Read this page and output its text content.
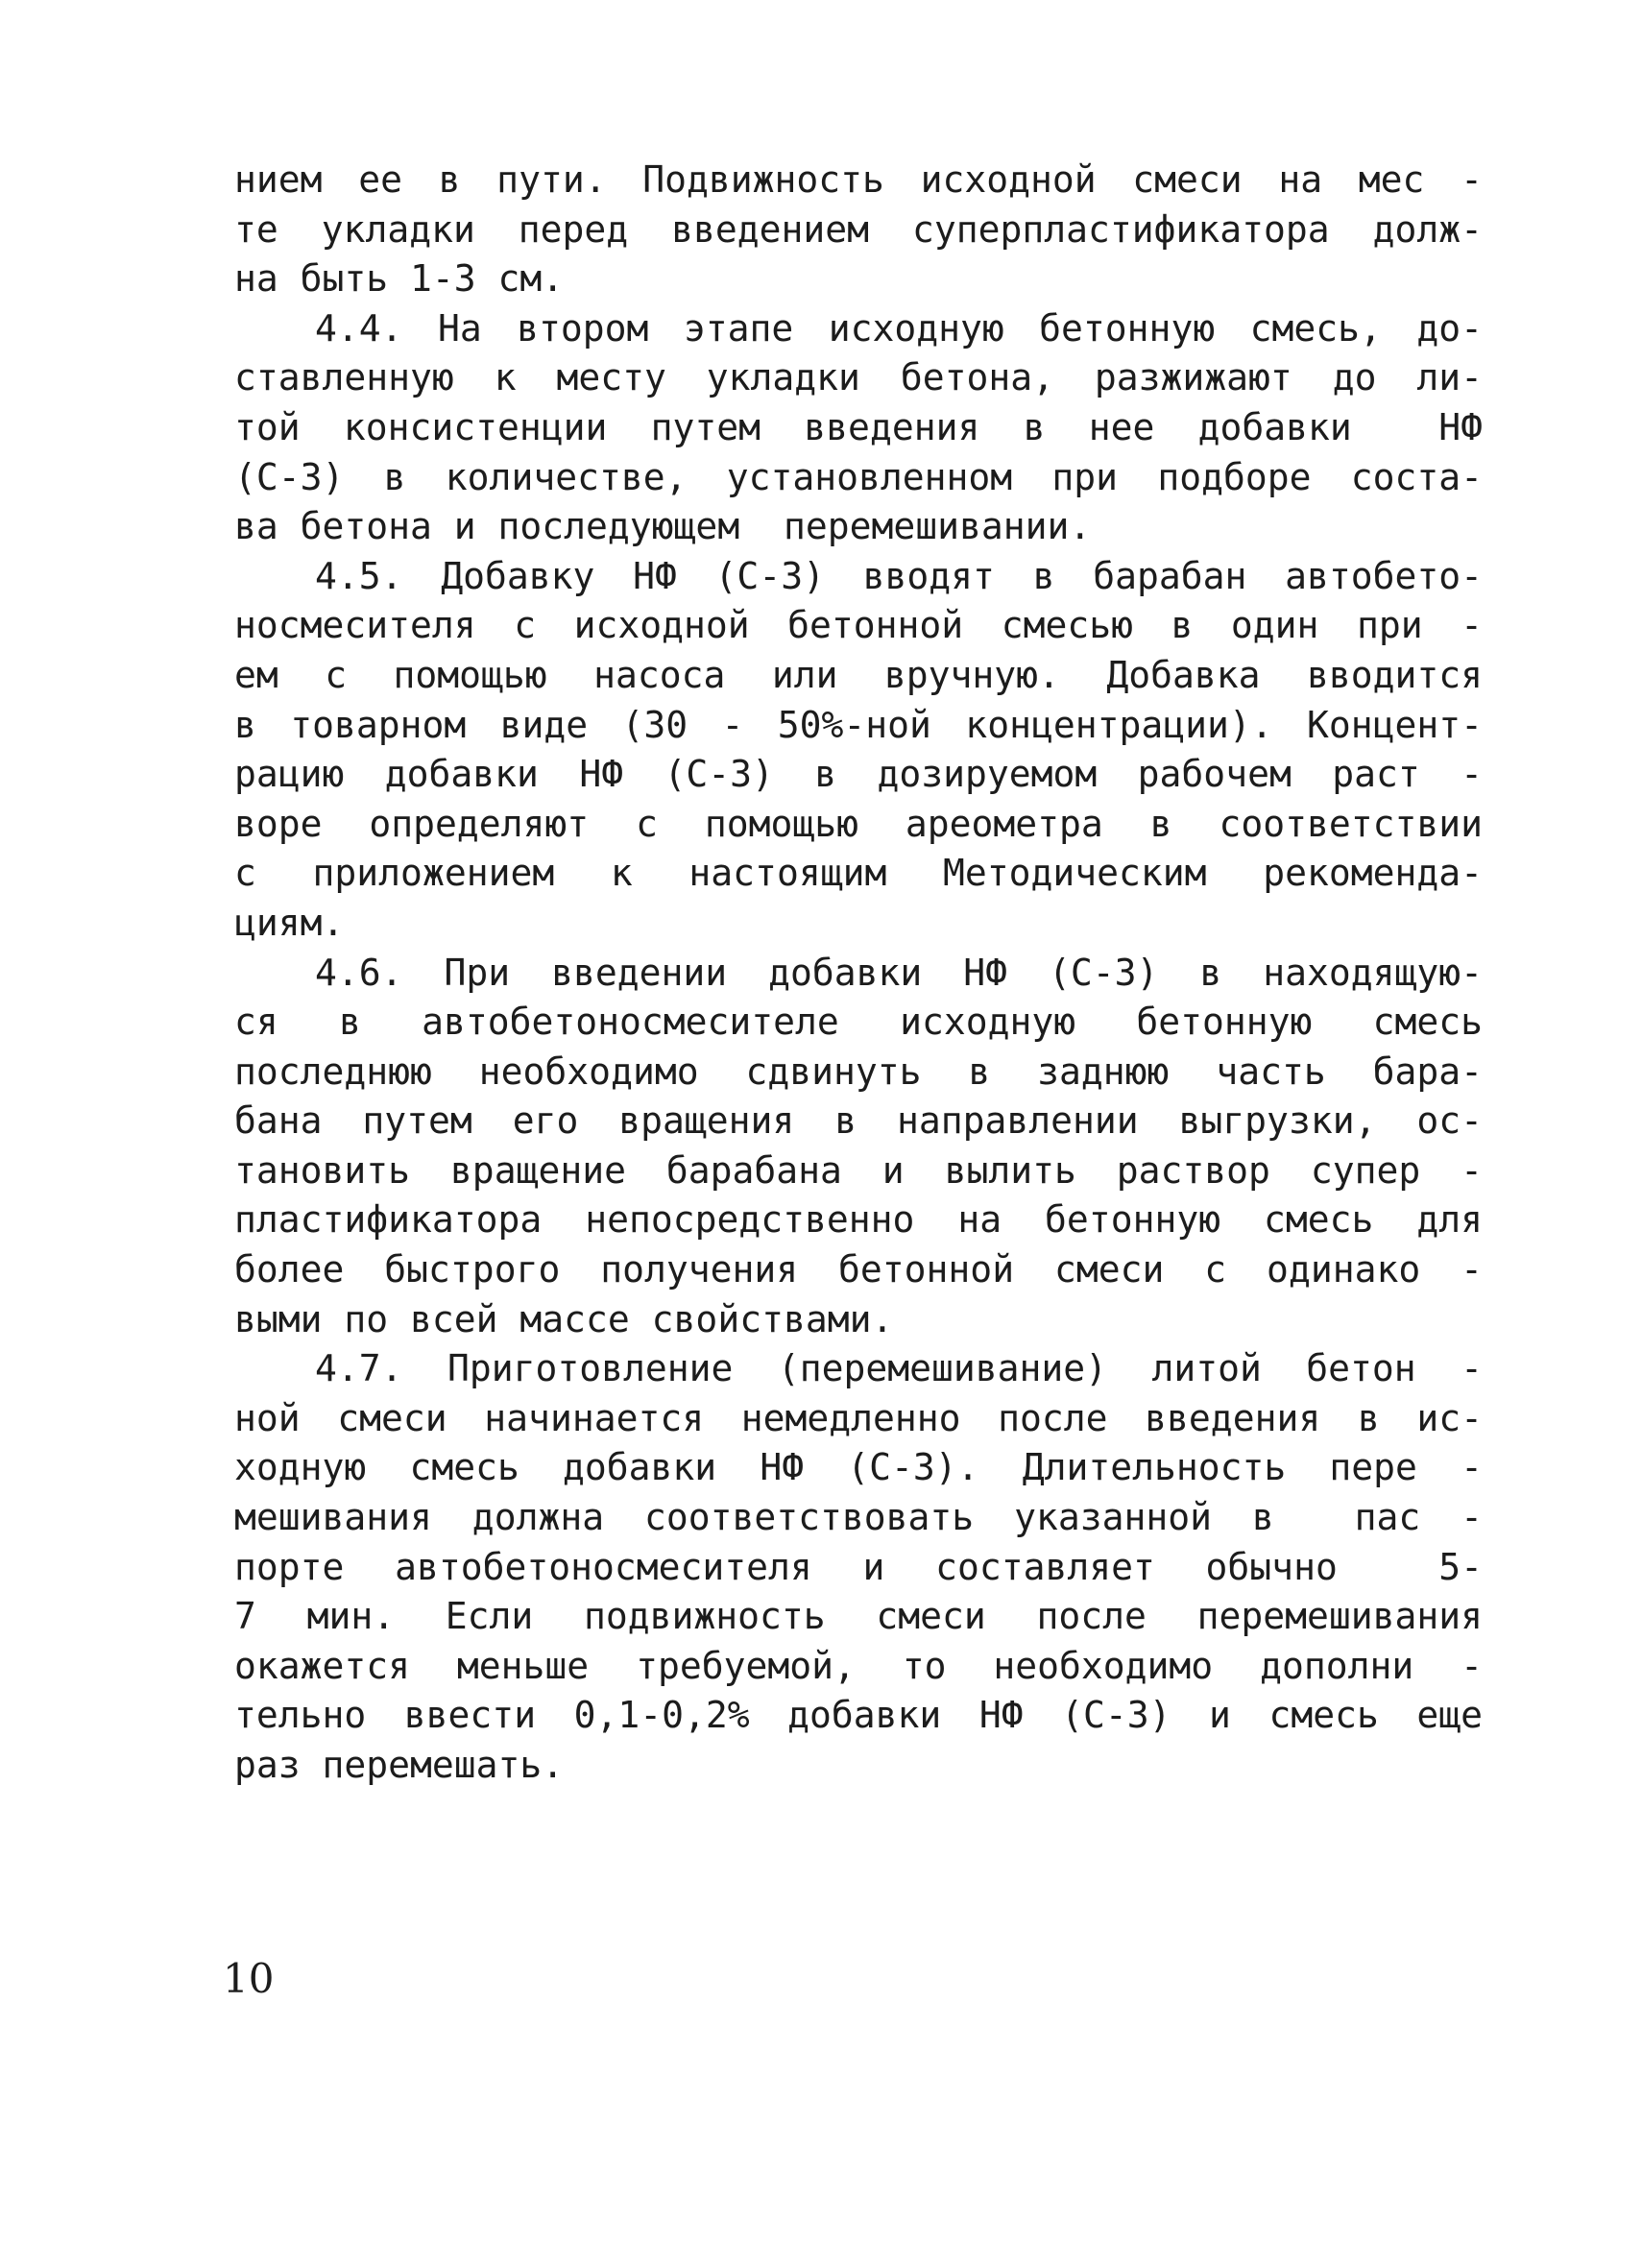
нием ее в пути. Подвижность исходной смеси на мес -
те укладки перед введением суперпластификатора долж-
на быть 1-3 см.
4.4. На втором этапе исходную бетонную смесь, до-
ставленную к месту укладки бетона, разжижают до ли-
той консистенции путем введения в нее добавки  НФ
(С-3) в количестве, установленном при подборе соста-
ва бетона и последующем  перемешивании.
4.5. Добавку НФ (С-3) вводят в барабан автобето-
носмесителя с исходной бетонной смесью в один при -
ем с помощью насоса или вручную. Добавка вводится
в товарном виде (30 - 50%-ной концентрации). Концент-
рацию добавки НФ (С-3) в дозируемом рабочем раст -
воре определяют с помощью ареометра в соответствии
с приложением к настоящим Методическим рекоменда-
циям.
4.6. При введении добавки НФ (С-3) в находящую-
ся в автобетоносмесителе исходную бетонную смесь
последнюю необходимо сдвинуть в заднюю часть бара-
бана путем его вращения в направлении выгрузки, ос-
тановить вращение барабана и вылить раствор супер -
пластификатора непосредственно на бетонную смесь для
более быстрого получения бетонной смеси с одинако -
выми по всей массе свойствами.
4.7. Приготовление (перемешивание) литой бетон -
ной смеси начинается немедленно после введения в ис-
ходную смесь добавки НФ (С-3). Длительность пере -
мешивания должна соответствовать указанной в  пас -
порте автобетоносмесителя и составляет обычно  5-
7 мин. Если подвижность смеси после перемешивания
окажется меньше требуемой, то необходимо дополни -
тельно ввести 0,1-0,2% добавки НФ (С-3) и смесь еще
раз перемешать.
10
